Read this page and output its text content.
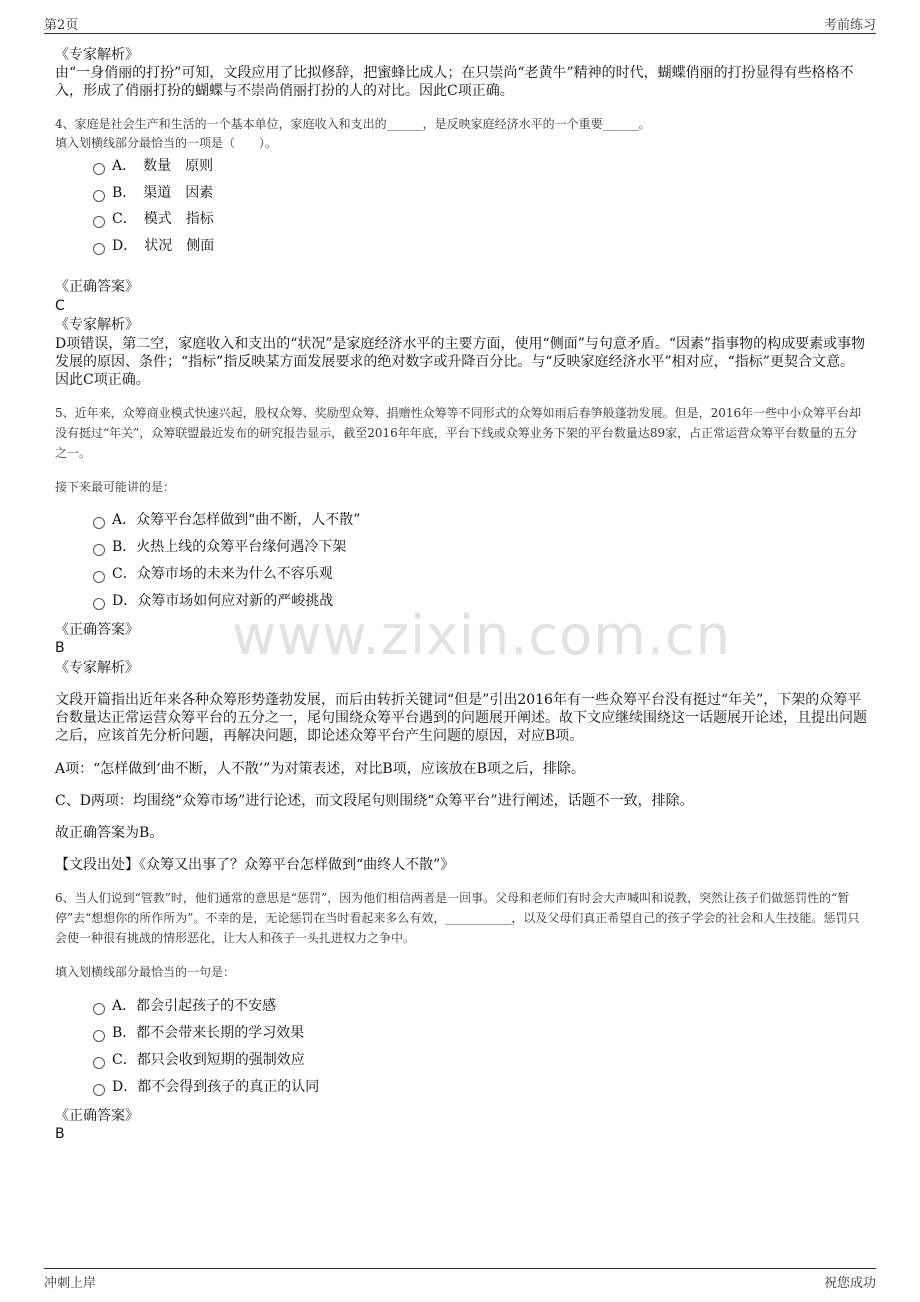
第2页	考前练习
www.zixin.com.cn
《专家解析》
由“一身俏丽的打扮”可知，文段应用了比拟修辞，把蜜蜂比成人；在只崇尚“老黄牛”精神的时代，蝴蝶俏丽的打扮显得有些格格不入，形成了俏丽打扮的蝴蝶与不崇尚俏丽打扮的人的对比。因此C项正确。
4、家庭是社会生产和生活的一个基本单位，家庭收入和支出的______，是反映家庭经济水平的一个重要______。
填入划横线部分最恰当的一项是（　　）。
A．　数量　原则
B．　渠道　因素
C．　模式　指标
D．　状况　侧面
《正确答案》
C
《专家解析》
D项错误，第二空，家庭收入和支出的“状况”是家庭经济水平的主要方面，使用“侧面”与句意矛盾。“因素”指事物的构成要素或事物发展的原因、条件；“指标”指反映某方面发展要求的绝对数字或升降百分比。与“反映家庭经济水平”相对应，“指标”更契合文意。因此C项正确。
5、近年来，众筹商业模式快速兴起，股权众筹、奖励型众筹、捐赠性众筹等不同形式的众筹如雨后春笋般蓬勃发展。但是，2016年一些中小众筹平台却没有挺过“年关”，众筹联盟最近发布的研究报告显示，截至2016年年底，平台下线或众筹业务下架的平台数量达89家，占正常运营众筹平台数量的五分之一。
接下来最可能讲的是：
A．众筹平台怎样做到“曲不断，人不散”
B．火热上线的众筹平台缘何遇冷下架
C．众筹市场的未来为什么不容乐观
D．众筹市场如何应对新的严峻挑战
《正确答案》
B
《专家解析》
文段开篇指出近年来各种众筹形势蓬勃发展，而后由转折关键词“但是”引出2016年有一些众筹平台没有挺过“年关”，下架的众筹平台数量达正常运营众筹平台的五分之一，尾句围绕众筹平台遇到的问题展开阐述。故下文应继续围绕这一话题展开论述，且提出问题之后，应该首先分析问题，再解决问题，即论述众筹平台产生问题的原因，对应B项。
A项：“怎样做到‘曲不断，人不散’”为对策表述，对比B项，应该放在B项之后，排除。
C、D两项：均围绕“众筹市场”进行论述，而文段尾句则围绕“众筹平台”进行阐述，话题不一致，排除。
故正确答案为B。
【文段出处】《众筹又出事了？众筹平台怎样做到“曲终人不散”》
6、当人们说到“管教”时，他们通常的意思是“惩罚”，因为他们相信两者是一回事。父母和老师们有时会大声喊叫和说教，突然让孩子们做惩罚性的“暂停”去“想想你的所作所为”。不幸的是，无论惩罚在当时看起来多么有效，___________，以及父母们真正希望自己的孩子学会的社会和人生技能。惩罚只会使一种很有挑战的情形恶化，让大人和孩子一头扎进权力之争中。
填入划横线部分最恰当的一句是：
A．都会引起孩子的不安感
B．都不会带来长期的学习效果
C．都只会收到短期的强制效应
D．都不会得到孩子的真正的认同
《正确答案》
B
冲刺上岸	祝您成功
